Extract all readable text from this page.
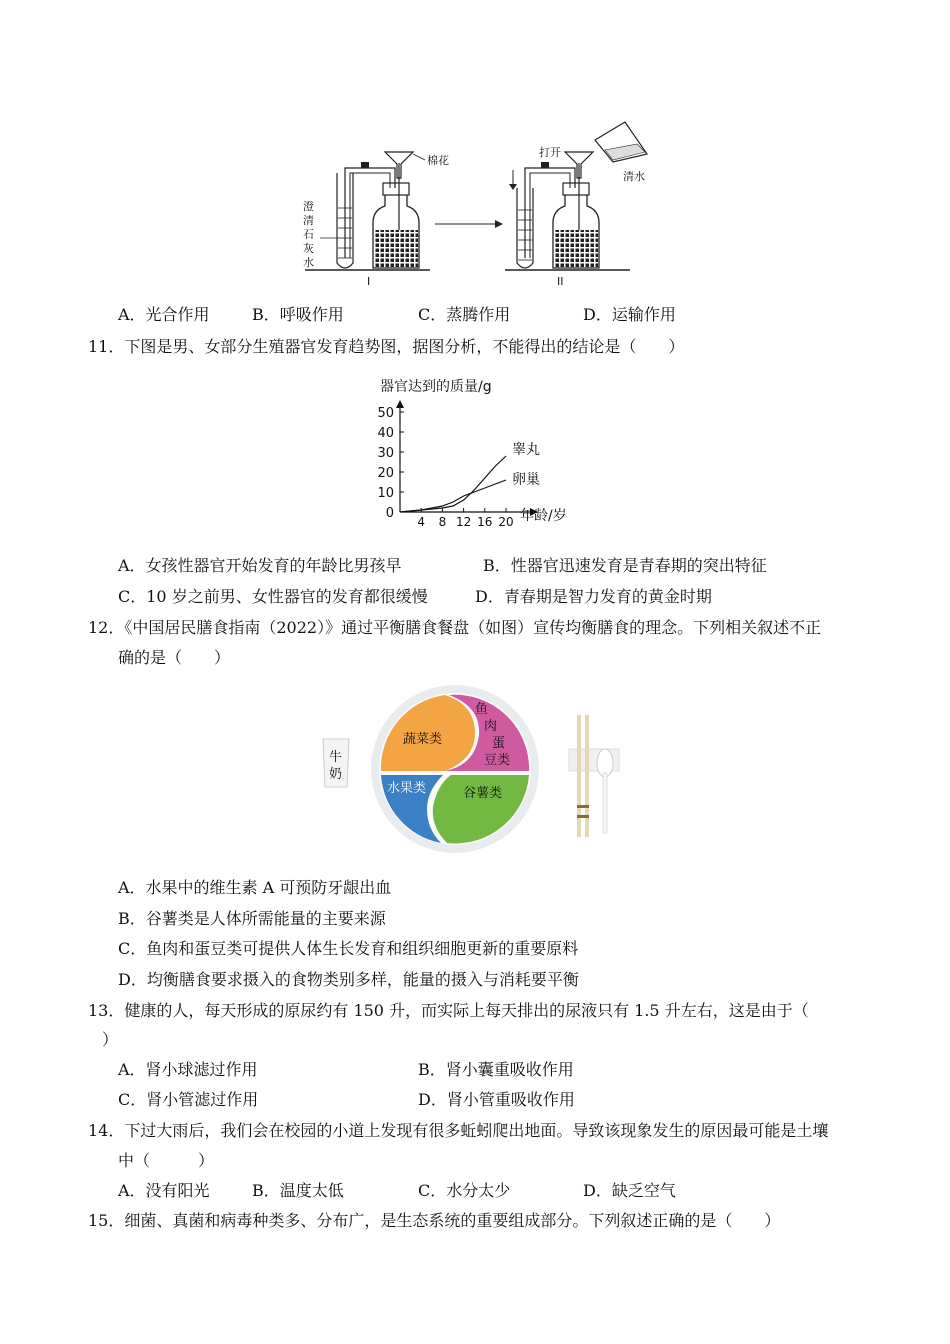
棉花
澄
清
石
灰
水
I
打开
清水
II
A．光合作用	B．呼吸作用	C．蒸腾作用	D．运输作用
11．下图是男、女部分生殖器官发育趋势图，据图分析，不能得出的结论是（　　）
器官达到的质量/g
0
10
20
30
40
50
4 8 12 16 20
睾丸
卵巢
年龄/岁
A．女孩性器官开始发育的年龄比男孩早	B．性器官迅速发育是青春期的突出特征
C．10 岁之前男、女性器官的发育都很缓慢	D．青春期是智力发育的黄金时期
12．《中国居民膳食指南（2022）》通过平衡膳食餐盘（如图）宣传均衡膳食的理念。下列相关叙述不正
确的是（　　）
牛
奶
蔬菜类
鱼
肉
蛋
豆类
水果类	谷薯类
A．水果中的维生素 A 可预防牙龈出血
B．谷薯类是人体所需能量的主要来源
C．鱼肉和蛋豆类可提供人体生长发育和组织细胞更新的重要原料
D．均衡膳食要求摄入的食物类别多样，能量的摄入与消耗要平衡
13．健康的人，每天形成的原尿约有 150 升，而实际上每天排出的尿液只有 1.5 升左右，这是由于（
）
A．肾小球滤过作用	B．肾小囊重吸收作用
C．肾小管滤过作用	D．肾小管重吸收作用
14．下过大雨后，我们会在校园的小道上发现有很多蚯蚓爬出地面。导致该现象发生的原因最可能是土壤
中（　　　）
A．没有阳光	B．温度太低	C．水分太少	D．缺乏空气
15．细菌、真菌和病毒种类多、分布广，是生态系统的重要组成部分。下列叙述正确的是（　　）
